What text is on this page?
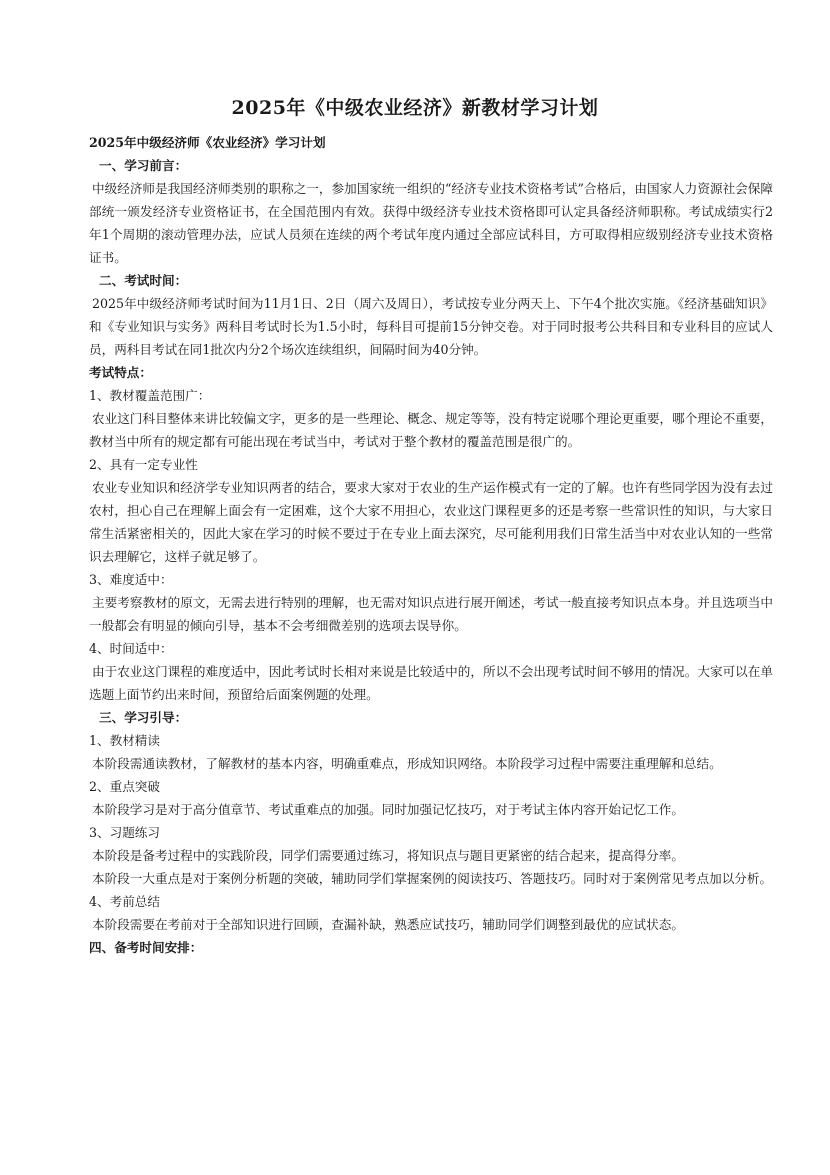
2025年《中级农业经济》新教材学习计划
2025年中级经济师《农业经济》学习计划
一、学习前言：
中级经济师是我国经济师类别的职称之一，参加国家统一组织的“经济专业技术资格考试”合格后，由国家人力资源社会保障部统一颁发经济专业资格证书，在全国范围内有效。获得中级经济专业技术资格即可认定具备经济师职称。考试成绩实行2年1个周期的滚动管理办法，应试人员须在连续的两个考试年度内通过全部应试科目，方可取得相应级别经济专业技术资格证书。
二、考试时间：
2025年中级经济师考试时间为11月1日、2日（周六及周日），考试按专业分两天上、下午4个批次实施。《经济基础知识》和《专业知识与实务》两科目考试时长为1.5小时，每科目可提前15分钟交卷。对于同时报考公共科目和专业科目的应试人员，两科目考试在同1批次内分2个场次连续组织，间隔时间为40分钟。
考试特点：
1、教材覆盖范围广：
农业这门科目整体来讲比较偏文字，更多的是一些理论、概念、规定等等，没有特定说哪个理论更重要，哪个理论不重要，教材当中所有的规定都有可能出现在考试当中，考试对于整个教材的覆盖范围是很广的。
2、具有一定专业性
农业专业知识和经济学专业知识两者的结合，要求大家对于农业的生产运作模式有一定的了解。也许有些同学因为没有去过农村，担心自己在理解上面会有一定困难，这个大家不用担心，农业这门课程更多的还是考察一些常识性的知识，与大家日常生活紧密相关的，因此大家在学习的时候不要过于在专业上面去深究，尽可能利用我们日常生活当中对农业认知的一些常识去理解它，这样子就足够了。
3、难度适中：
主要考察教材的原文，无需去进行特别的理解，也无需对知识点进行展开阐述，考试一般直接考知识点本身。并且选项当中一般都会有明显的倾向引导，基本不会考细微差别的选项去误导你。
4、时间适中：
由于农业这门课程的难度适中，因此考试时长相对来说是比较适中的，所以不会出现考试时间不够用的情况。大家可以在单选题上面节约出来时间，预留给后面案例题的处理。
三、学习引导：
1、教材精读
本阶段需通读教材，了解教材的基本内容，明确重难点，形成知识网络。本阶段学习过程中需要注重理解和总结。
2、重点突破
本阶段学习是对于高分值章节、考试重难点的加强。同时加强记忆技巧，对于考试主体内容开始记忆工作。
3、习题练习
本阶段是备考过程中的实践阶段，同学们需要通过练习，将知识点与题目更紧密的结合起来，提高得分率。
本阶段一大重点是对于案例分析题的突破，辅助同学们掌握案例的阅读技巧、答题技巧。同时对于案例常见考点加以分析。
4、考前总结
本阶段需要在考前对于全部知识进行回顾，查漏补缺，熟悉应试技巧，辅助同学们调整到最优的应试状态。
四、备考时间安排：
